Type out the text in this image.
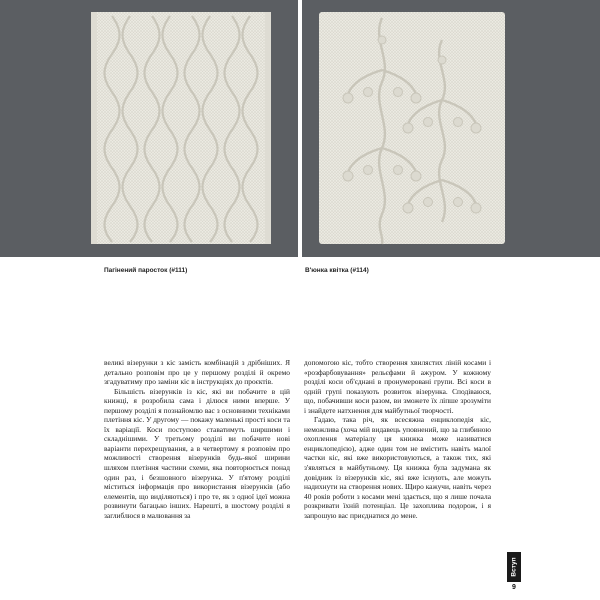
Пагінений паросток (#111)	В'юнка квітка (#114)

великі візерунки з кіс замість комбінацій з дрібніших. Я детально розповім про це у першому розділі й окремо згадуватиму про заміни кіс в інструкціях до проєктів.

Більшість візерунків із кіс, які ви побачите в цій книжці, я розробила сама і ділюся ними вперше. У першому розділі я познайомлю вас з основними техніками плетіння кіс. У другому — покажу маленькі прості коси та їх варіації. Коси поступово ставатимуть ширшими і складнішими. У третьому розділі ви побачите нові варіанти перехрещування, а в четвертому я розповім про можливості створення візерунків будь-якої ширини шляхом плетіння частини схеми, яка повторюється понад один раз, і безшовного візерунка. У п'ятому розділі міститься інформація про використання візерунків (або елементів, що виділяються) і про те, як з одної ідеї можна розвинути багацько інших. Нарешті, в шостому розділі я заглиблюся в малювання за

допомогою кіс, тобто створення хвилястих ліній косами і «розфарбовування» рельєфами й ажуром. У кожному розділі коси об'єднані в пронумеровані групи. Всі коси в одній групі показують розвиток візерунка. Сподіваюся, що, побачивши коси разом, ви зможете їх ліпше зрозуміти і знайдете натхнення для майбутньої творчості.

Гадаю, така річ, як всесяжна енциклопедія кіс, неможлива (хоча мій видавець уповнений, що за глибиною охоплення матеріалу ця книжка може називатися енциклопедією), адже один том не вмістить навіть малої частки кіс, які вже використовуються, а також тих, які з'являться в майбутньому. Ця книжка була задумана як довідник із візерунків кіс, які вже існують, але можуть надихнути на створення нових. Щиро кажучи, навіть через 40 років роботи з косами мені здається, що я лише почала розкривати їхній потенціал. Це захоплива подорож, і я запрошую вас приєднатися до мене.

Вступ
9
